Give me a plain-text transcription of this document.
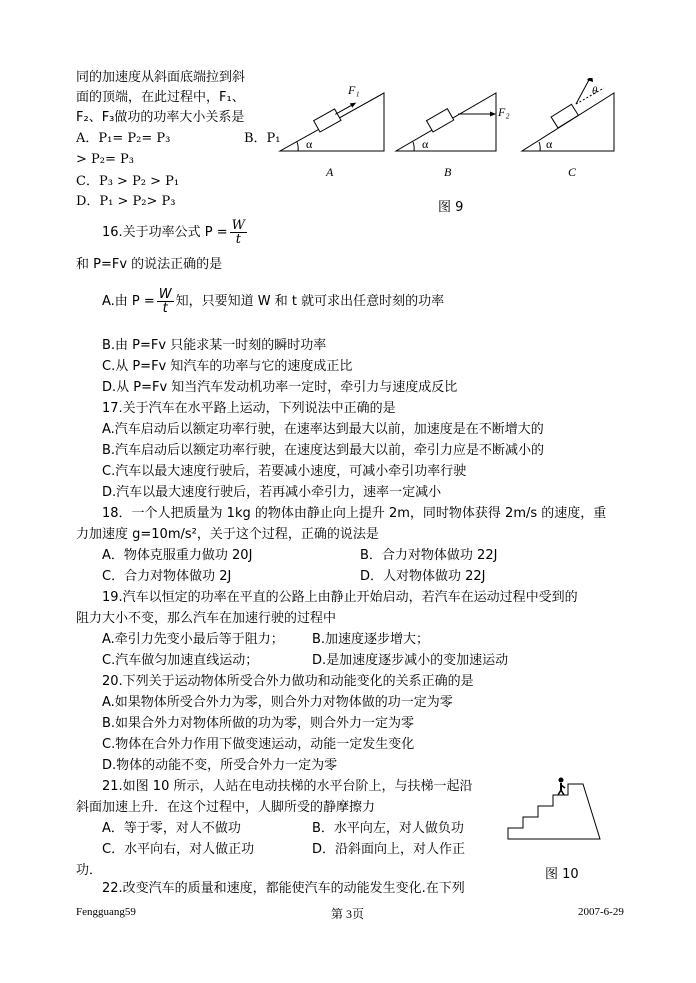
同的加速度从斜面底端拉到斜
面的顶端，在此过程中，F₁、
F₂、F₃做功的功率大小关系是
A．P₁= P₂= P₃	B．P₁
> P₂= P₃
C．P₃ > P₂ > P₁
D．P₁ > P₂> P₃
F₁
α
A
F₂
α
B
θ
α
C
图 9
16.关于功率公式 $P = \frac{W}{t}$
和 P=Fv 的说法正确的是
A.由 $P = \frac{W}{t}$ 知，只要知道 W 和 t 就可求出任意时刻的功率
B.由 P=Fv 只能求某一时刻的瞬时功率
C.从 P=Fv 知汽车的功率与它的速度成正比
D.从 P=Fv 知当汽车发动机功率一定时，牵引力与速度成反比
17.关于汽车在水平路上运动，下列说法中正确的是
A.汽车启动后以额定功率行驶，在速率达到最大以前，加速度是在不断增大的
B.汽车启动后以额定功率行驶，在速度达到最大以前，牵引力应是不断减小的
C.汽车以最大速度行驶后，若要减小速度，可减小牵引功率行驶
D.汽车以最大速度行驶后，若再减小牵引力，速率一定减小
18．一个人把质量为 1kg 的物体由静止向上提升 2m，同时物体获得 2m/s 的速度，重
力加速度 g=10m/s²，关于这个过程，正确的说法是
A．物体克服重力做功 20J	B．合力对物体做功 22J
C．合力对物体做功 2J	D．人对物体做功 22J
19.汽车以恒定的功率在平直的公路上由静止开始启动，若汽车在运动过程中受到的
阻力大小不变，那么汽车在加速行驶的过程中
A.牵引力先变小最后等于阻力； B.加速度逐步增大；
C.汽车做匀加速直线运动；	D.是加速度逐步减小的变加速运动
20.下列关于运动物体所受合外力做功和动能变化的关系正确的是
A.如果物体所受合外力为零，则合外力对物体做的功一定为零
B.如果合外力对物体所做的功为零，则合外力一定为零
C.物体在合外力作用下做变速运动，动能一定发生变化
D.物体的动能不变，所受合外力一定为零
21.如图 10 所示，人站在电动扶梯的水平台阶上，与扶梯一起沿
斜面加速上升．在这个过程中，人脚所受的静摩擦力
A．等于零，对人不做功	B．水平向左，对人做负功
C．水平向右，对人做正功	D．沿斜面向上，对人作正
功．	图 10
22.改变汽车的质量和速度，都能使汽车的动能发生变化.在下列
Fengguang59	第 3页	2007-6-29
